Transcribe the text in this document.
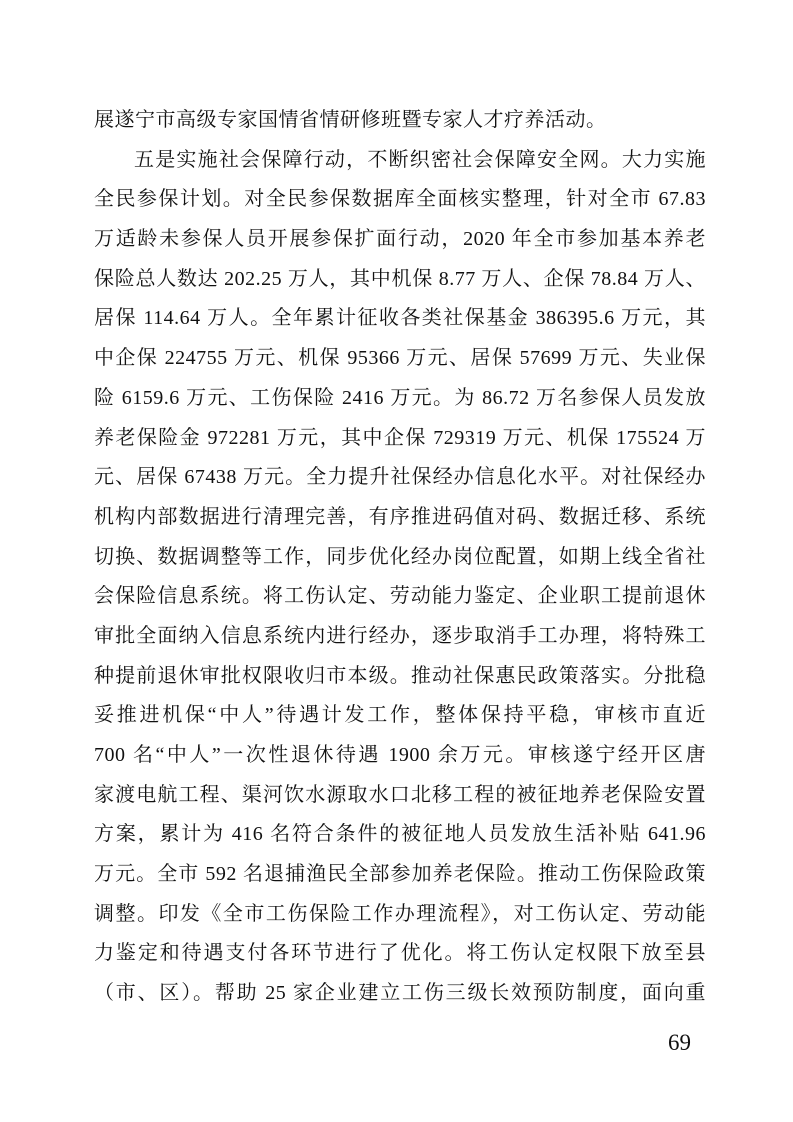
展遂宁市高级专家国情省情研修班暨专家人才疗养活动。
五是实施社会保障行动，不断织密社会保障安全网。大力实施
全民参保计划。对全民参保数据库全面核实整理，针对全市 67.83
万适龄未参保人员开展参保扩面行动，2020 年全市参加基本养老
保险总人数达 202.25 万人，其中机保 8.77 万人、企保 78.84 万人、
居保 114.64 万人。全年累计征收各类社保基金 386395.6 万元，其
中企保 224755 万元、机保 95366 万元、居保 57699 万元、失业保
险 6159.6 万元、工伤保险 2416 万元。为 86.72 万名参保人员发放
养老保险金 972281 万元，其中企保 729319 万元、机保 175524 万
元、居保 67438 万元。全力提升社保经办信息化水平。对社保经办
机构内部数据进行清理完善，有序推进码值对码、数据迁移、系统
切换、数据调整等工作，同步优化经办岗位配置，如期上线全省社
会保险信息系统。将工伤认定、劳动能力鉴定、企业职工提前退休
审批全面纳入信息系统内进行经办，逐步取消手工办理，将特殊工
种提前退休审批权限收归市本级。推动社保惠民政策落实。分批稳
妥推进机保“中人”待遇计发工作，整体保持平稳，审核市直近
700 名“中人”一次性退休待遇 1900 余万元。审核遂宁经开区唐
家渡电航工程、渠河饮水源取水口北移工程的被征地养老保险安置
方案，累计为 416 名符合条件的被征地人员发放生活补贴 641.96
万元。全市 592 名退捕渔民全部参加养老保险。推动工伤保险政策
调整。印发《全市工伤保险工作办理流程》，对工伤认定、劳动能
力鉴定和待遇支付各环节进行了优化。将工伤认定权限下放至县
（市、区）。帮助 25 家企业建立工伤三级长效预防制度，面向重
69
